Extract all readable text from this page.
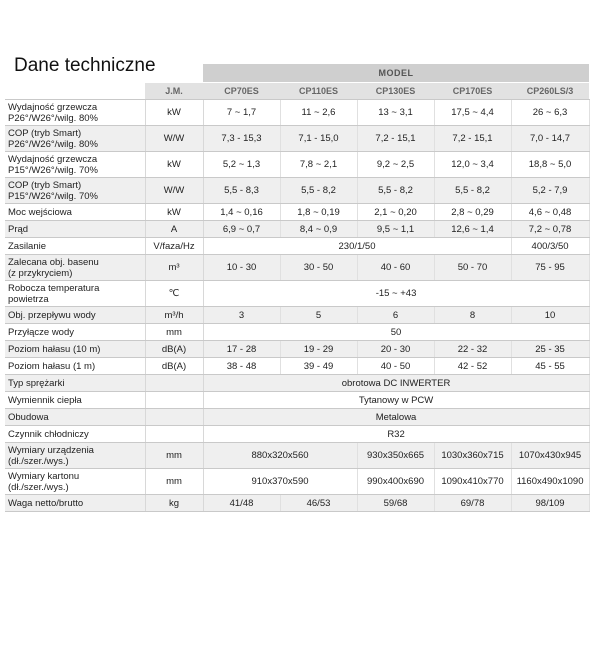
Dane techniczne
			MODEL				
	J.M.	CP70ES	CP110ES	CP130ES	CP170ES	CP260LS/3
Wydajność grzewcza
P26°/W26°/wilg. 80%	kW	7 ~ 1,7	11 ~ 2,6	13 ~ 3,1	17,5 ~ 4,4	26 ~ 6,3
COP (tryb Smart)
P26°/W26°/wilg. 80%	W/W	7,3 - 15,3	7,1 - 15,0	7,2 - 15,1	7,2 - 15,1	7,0 - 14,7
Wydajność grzewcza
P15°/W26°/wilg. 70%	kW	5,2 ~ 1,3	7,8 ~ 2,1	9,2 ~ 2,5	12,0 ~ 3,4	18,8 ~ 5,0
COP (tryb Smart)
P15°/W26°/wilg. 70%	W/W	5,5 - 8,3	5,5 - 8,2	5,5 - 8,2	5,5 - 8,2	5,2 - 7,9
Moc wejściowa	kW	1,4 ~ 0,16	1,8 ~ 0,19	2,1 ~ 0,20	2,8 ~ 0,29	4,6 ~ 0,48
Prąd	A	6,9 ~ 0,7	8,4 ~ 0,9	9,5 ~ 1,1	12,6 ~ 1,4	7,2 ~ 0,78
Zasilanie	V/faza/Hz	230/1/50				400/3/50
Zalecana obj. basenu
(z przykryciem)	m³	10 - 30	30 - 50	40 - 60	50 - 70	75 - 95
Robocza temperatura
powietrza	℃	-15 ~ +43				
Obj. przepływu wody	m³/h	3	5	6	8	10
Przyłącze wody	mm	50				
Poziom hałasu (10 m)	dB(A)	17 - 28	19 - 29	20 - 30	22 - 32	25 - 35
Poziom hałasu (1 m)	dB(A)	38 - 48	39 - 49	40 - 50	42 - 52	45 - 55
Typ sprężarki		obrotowa DC INWERTER				
Wymiennik ciepła		Tytanowy w PCW				
Obudowa		Metalowa				
Czynnik chłodniczy		R32				
Wymiary urządzenia
(dł./szer./wys.)	mm	880x320x560		930x350x665	1030x360x715	1070x430x945
Wymiary kartonu
(dł./szer./wys.)	mm	910x370x590		990x400x690	1090x410x770	1160x490x1090
Waga netto/brutto	kg	41/48	46/53	59/68	69/78	98/109
